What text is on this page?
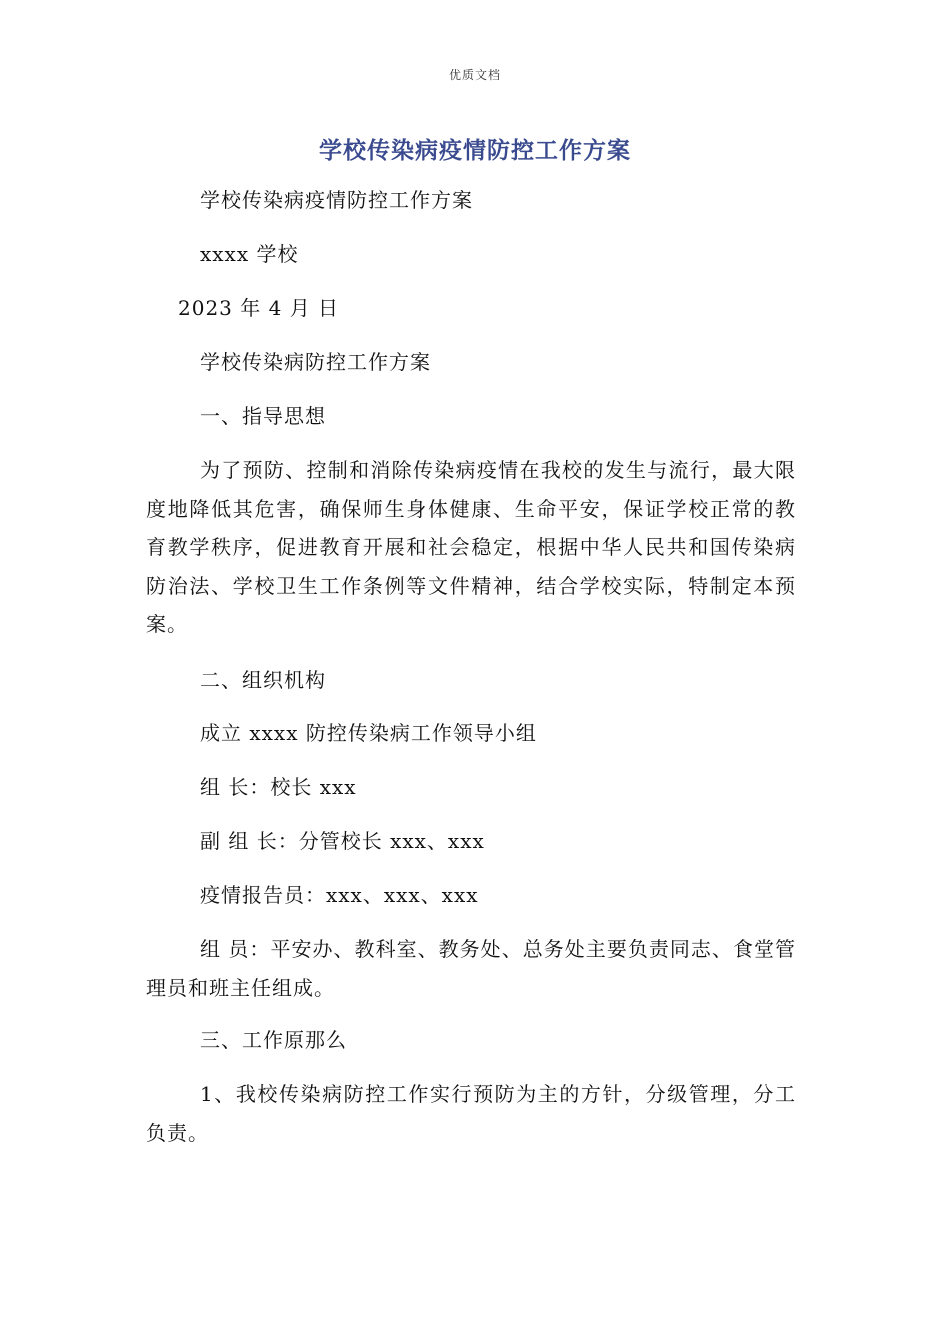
优质文档
学校传染病疫情防控工作方案
学校传染病疫情防控工作方案
xxxx 学校
2023 年 4 月 日
学校传染病防控工作方案
一、指导思想
为了预防、控制和消除传染病疫情在我校的发生与流行，最大限度地降低其危害，确保师生身体健康、生命平安，保证学校正常的教育教学秩序，促进教育开展和社会稳定，根据中华人民共和国传染病防治法、学校卫生工作条例等文件精神，结合学校实际，特制定本预案。
二、组织机构
成立 xxxx 防控传染病工作领导小组
组 长：校长 xxx
副 组 长：分管校长 xxx、xxx
疫情报告员：xxx、xxx、xxx
组 员：平安办、教科室、教务处、总务处主要负责同志、食堂管理员和班主任组成。
三、工作原那么
1、我校传染病防控工作实行预防为主的方针，分级管理，分工负责。
